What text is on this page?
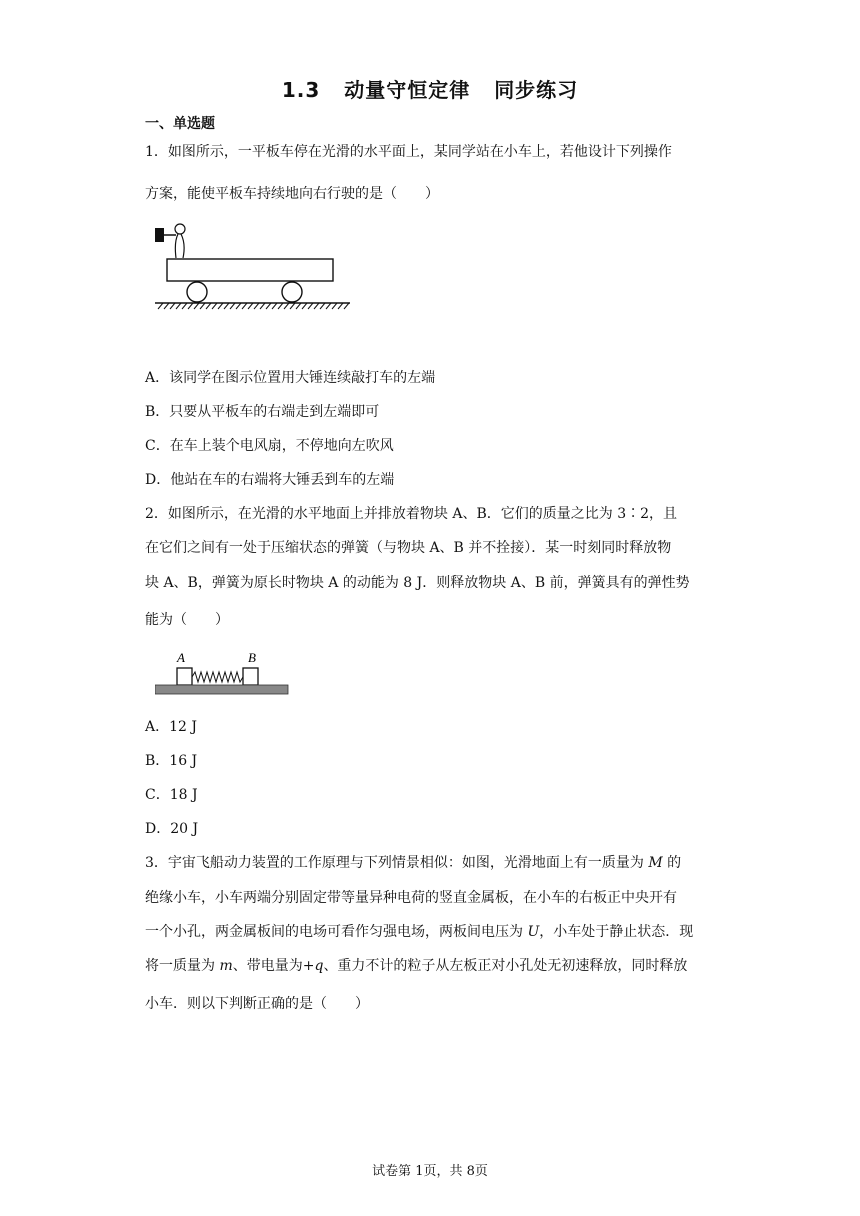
1.3 动量守恒定律 同步练习
一、单选题
1．如图所示，一平板车停在光滑的水平面上，某同学站在小车上，若他设计下列操作
方案，能使平板车持续地向右行驶的是（　　）
A．该同学在图示位置用大锤连续敲打车的左端
B．只要从平板车的右端走到左端即可
C．在车上装个电风扇，不停地向左吹风
D．他站在车的右端将大锤丢到车的左端
2．如图所示，在光滑的水平地面上并排放着物块 A、B．它们的质量之比为 3∶2，且
在它们之间有一处于压缩状态的弹簧（与物块 A、B 并不拴接）．某一时刻同时释放物
块 A、B，弹簧为原长时物块 A 的动能为 8 J．则释放物块 A、B 前，弹簧具有的弹性势
能为（　　）
A	B
A．12 J
B．16 J
C．18 J
D．20 J
3．宇宙飞船动力装置的工作原理与下列情景相似：如图，光滑地面上有一质量为 M 的
绝缘小车，小车两端分别固定带等量异种电荷的竖直金属板，在小车的右板正中央开有
一个小孔，两金属板间的电场可看作匀强电场，两板间电压为 U，小车处于静止状态．现
将一质量为 m、带电量为+q、重力不计的粒子从左板正对小孔处无初速释放，同时释放
小车．则以下判断正确的是（　　）
试卷第 1页，共 8页
